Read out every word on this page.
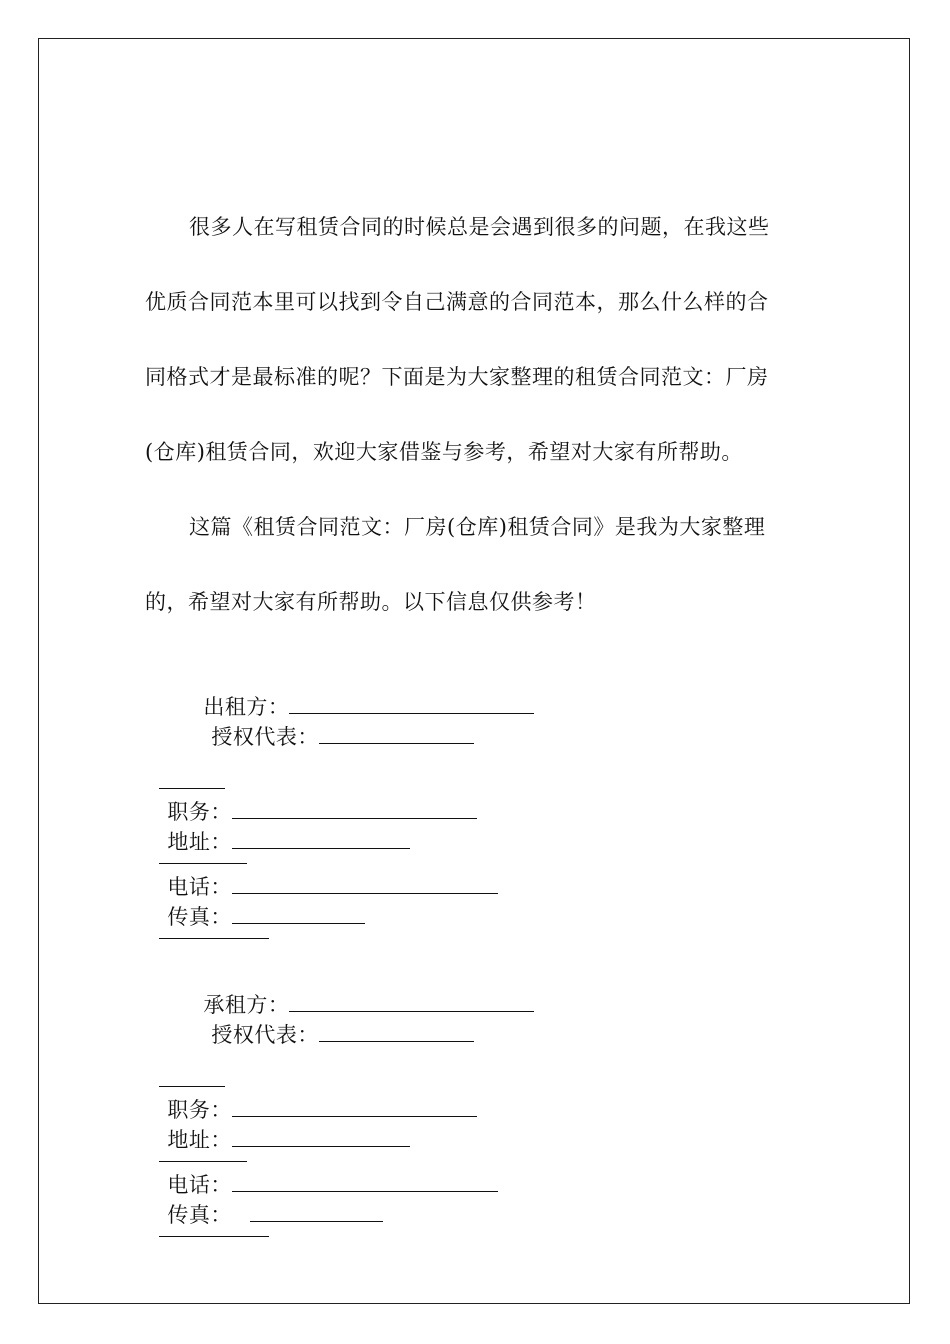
很多人在写租赁合同的时候总是会遇到很多的问题，在我这些
优质合同范本里可以找到令自己满意的合同范本，那么什么样的合
同格式才是最标准的呢？下面是为大家整理的租赁合同范文：厂房
(仓库)租赁合同，欢迎大家借鉴与参考，希望对大家有所帮助。
这篇《租赁合同范文：厂房(仓库)租赁合同》是我为大家整理
的，希望对大家有所帮助。以下信息仅供参考！

出租方：
授权代表：

职务：
地址：

电话：
传真：

承租方：
授权代表：

职务：
地址：

电话：
传真：
